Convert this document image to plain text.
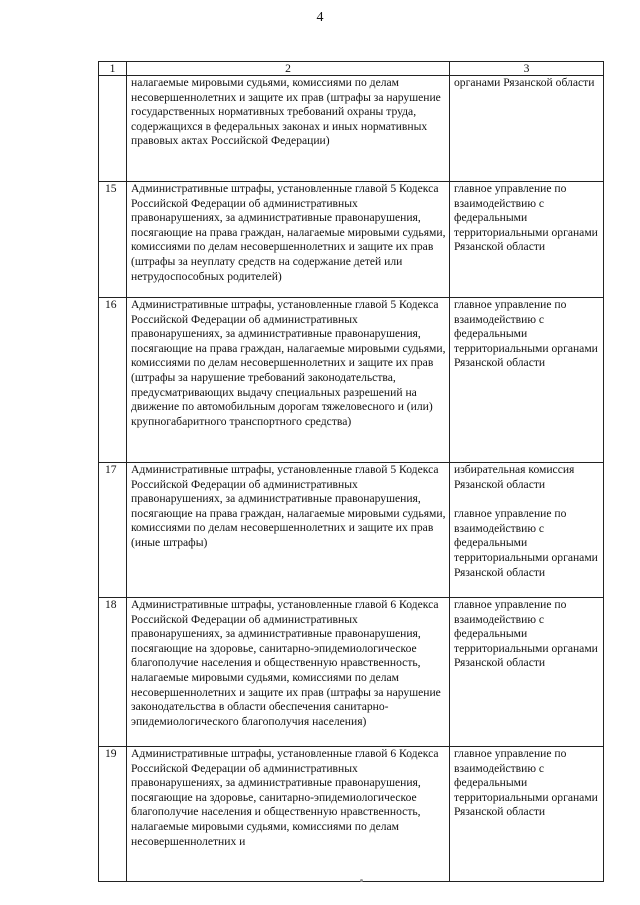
4
1	2	3
	налагаемые мировыми судьями, комиссиями по делам несовершеннолетних и защите их прав (штрафы за нарушение государственных нормативных требований охраны труда, содержащихся в федеральных законах и иных нормативных правовых актах Российской Федерации)	органами Рязанской области
15	Административные штрафы, установленные главой 5 Кодекса Российской Федерации об административных правонарушениях, за административные правонарушения, посягающие на права граждан, налагаемые мировыми судьями, комиссиями по делам несовершеннолетних и защите их прав (штрафы за неуплату средств на содержание детей или нетрудоспособных родителей)	главное управление по взаимодействию с федеральными территориальными органами Рязанской области
16	Административные штрафы, установленные главой 5 Кодекса Российской Федерации об административных правонарушениях, за административные правонарушения, посягающие на права граждан, налагаемые мировыми судьями, комиссиями по делам несовершеннолетних и защите их прав (штрафы за нарушение требований законодательства, предусматривающих выдачу специальных разрешений на движение по автомобильным дорогам тяжеловесного и (или) крупногабаритного транспортного средства)	главное управление по взаимодействию с федеральными территориальными органами Рязанской области
17	Административные штрафы, установленные главой 5 Кодекса Российской Федерации об административных правонарушениях, за административные правонарушения, посягающие на права граждан, налагаемые мировыми судьями, комиссиями по делам несовершеннолетних и защите их прав (иные штрафы)	избирательная комиссия Рязанской области
главное управление по взаимодействию с федеральными территориальными органами Рязанской области
18	Административные штрафы, установленные главой 6 Кодекса Российской Федерации об административных правонарушениях, за административные правонарушения, посягающие на здоровье, санитарно-эпидемиологическое благополучие населения и общественную нравственность, налагаемые мировыми судьями, комиссиями по делам несовершеннолетних и защите их прав (штрафы за нарушение законодательства в области обеспечения санитарно-эпидемиологического благополучия населения)	главное управление по взаимодействию с федеральными территориальными органами Рязанской области
19	Административные штрафы, установленные главой 6 Кодекса Российской Федерации об административных правонарушениях, за административные правонарушения, посягающие на здоровье, санитарно-эпидемиологическое благополучие населения и общественную нравственность, налагаемые мировыми судьями, комиссиями по делам несовершеннолетних и	главное управление по взаимодействию с федеральными территориальными органами Рязанской области
